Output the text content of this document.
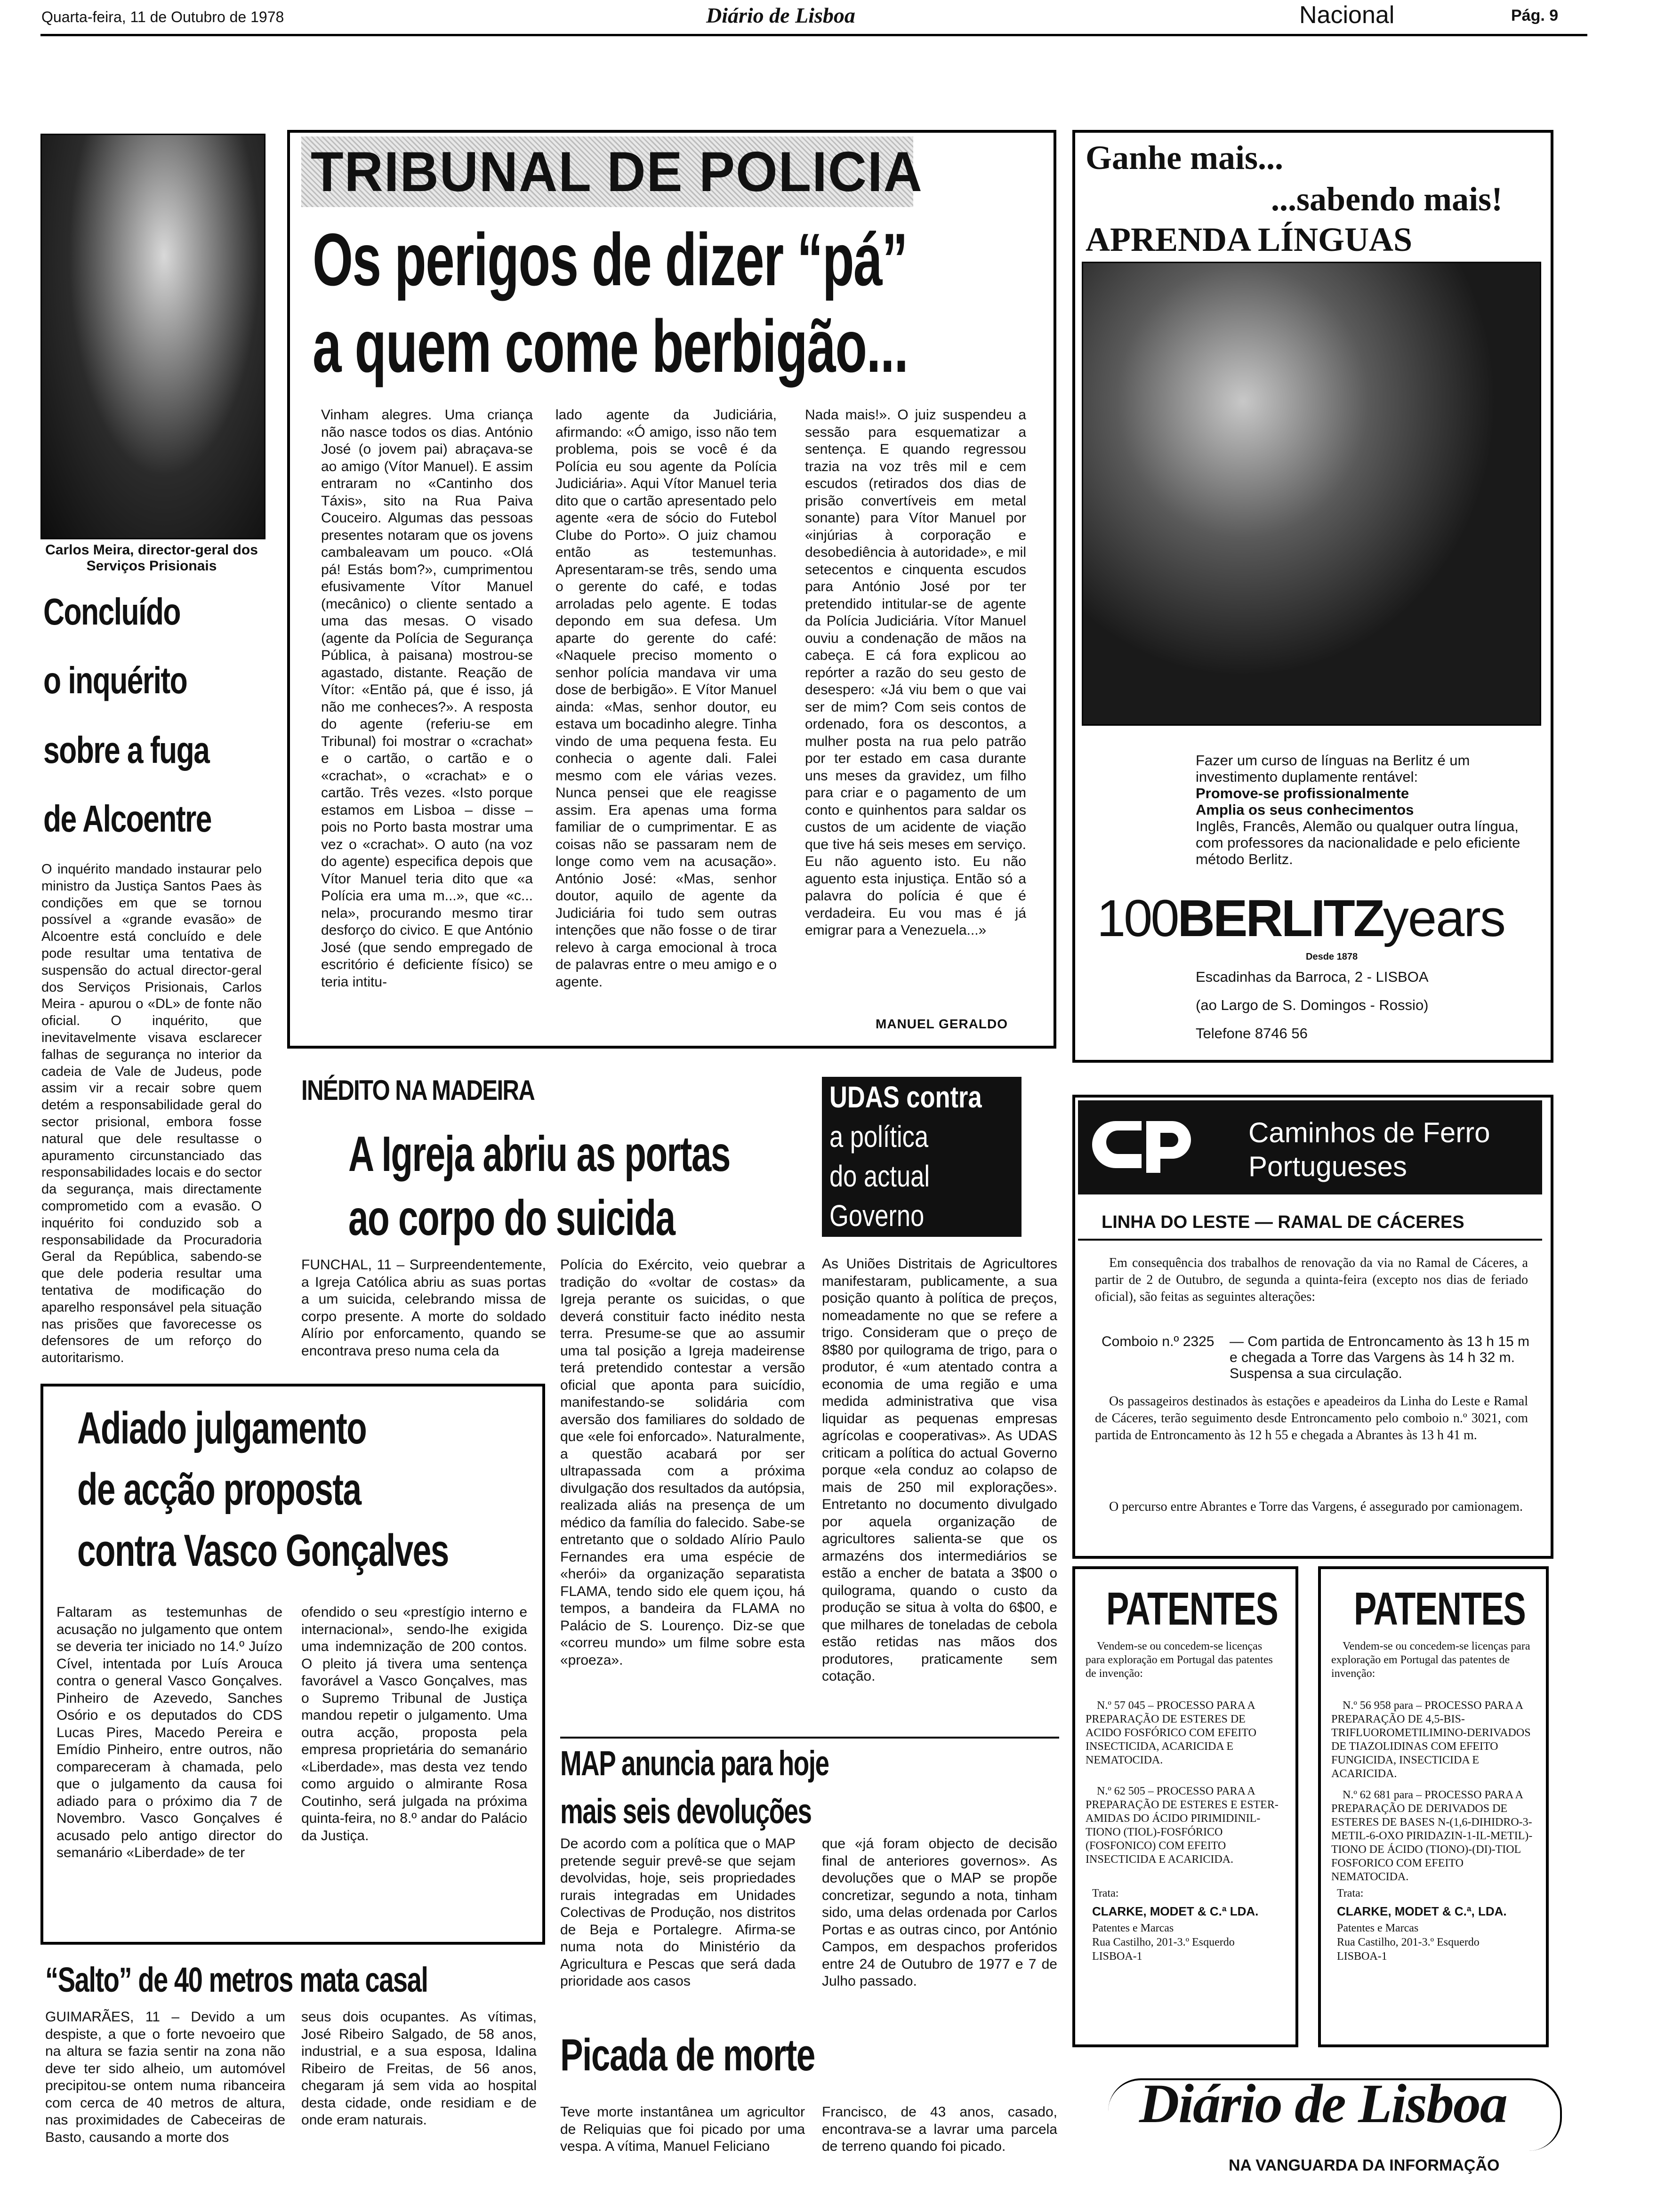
Quarta-feira, 11 de Outubro de 1978	Diário de Lisboa	Nacional	Pág. 9
Carlos Meira, director-geral dos Serviços Prisionais
Concluído
o inquérito
sobre a fuga
de Alcoentre
O inquérito mandado instaurar pelo ministro da Justiça Santos Paes às condições em que se tornou possível a «grande evasão» de Alcoentre está concluído e dele pode resultar uma tentativa de suspensão do actual director-geral dos Serviços Prisionais, Carlos Meira - apurou o «DL» de fonte não oficial. O inquérito, que inevitavelmente visava esclarecer falhas de segurança no interior da cadeia de Vale de Judeus, pode assim vir a recair sobre quem detém a responsabilidade geral do sector prisional, embora fosse natural que dele resultasse o apuramento circunstanciado das responsabilidades locais e do sector da segurança, mais directamente comprometido com a evasão. O inquérito foi conduzido sob a responsabilidade da Procuradoria Geral da República, sabendo-se que dele poderia resultar uma tentativa de modificação do aparelho responsável pela situação nas prisões que favorecesse os defensores de um reforço do autoritarismo.
TRIBUNAL DE POLICIA
Os perigos de dizer “pá”
a quem come berbigão...
Vinham alegres. Uma criança não nasce todos os dias. António José (o jovem pai) abraçava-se ao amigo (Vítor Manuel). E assim entraram no «Cantinho dos Táxis», sito na Rua Paiva Couceiro. Algumas das pessoas presentes notaram que os jovens cambaleavam um pouco. «Olá pá! Estás bom?», cumprimentou efusivamente Vítor Manuel (mecânico) o cliente sentado a uma das mesas. O visado (agente da Polícia de Segurança Pública, à paisana) mostrou-se agastado, distante. Reação de Vítor: «Então pá, que é isso, já não me conheces?». A resposta do agente (referiu-se em Tribunal) foi mostrar o «crachat» e o cartão, o cartão e o «crachat», o «crachat» e o cartão. Três vezes. «Isto porque estamos em Lisboa – disse – pois no Porto basta mostrar uma vez o «crachat». O auto (na voz do agente) especifica depois que Vítor Manuel teria dito que «a Polícia era uma m...», que «c... nela», procurando mesmo tirar desforço do civico. E que António José (que sendo empregado de escritório é deficiente físico) se teria intitu-
lado agente da Judiciária, afirmando: «Ó amigo, isso não tem problema, pois se você é da Polícia eu sou agente da Polícia Judiciária». Aqui Vítor Manuel teria dito que o cartão apresentado pelo agente «era de sócio do Futebol Clube do Porto». O juiz chamou então as testemunhas. Apresentaram-se três, sendo uma o gerente do café, e todas arroladas pelo agente. E todas depondo em sua defesa. Um aparte do gerente do café: «Naquele preciso momento o senhor polícia mandava vir uma dose de berbigão». E Vítor Manuel ainda: «Mas, senhor doutor, eu estava um bocadinho alegre. Tinha vindo de uma pequena festa. Eu conhecia o agente dali. Falei mesmo com ele várias vezes. Nunca pensei que ele reagisse assim. Era apenas uma forma familiar de o cumprimentar. E as coisas não se passaram nem de longe como vem na acusação». António José: «Mas, senhor doutor, aquilo de agente da Judiciária foi tudo sem outras intenções que não fosse o de tirar relevo à carga emocional à troca de palavras entre o meu amigo e o agente.
Nada mais!». O juiz suspendeu a sessão para esquematizar a sentença. E quando regressou trazia na voz três mil e cem escudos (retirados dos dias de prisão convertíveis em metal sonante) para Vítor Manuel por «injúrias à corporação e desobediência à autoridade», e mil setecentos e cinquenta escudos para António José por ter pretendido intitular-se de agente da Polícia Judiciária. Vítor Manuel ouviu a condenação de mãos na cabeça. E cá fora explicou ao repórter a razão do seu gesto de desespero: «Já viu bem o que vai ser de mim? Com seis contos de ordenado, fora os descontos, a mulher posta na rua pelo patrão por ter estado em casa durante uns meses da gravidez, um filho para criar e o pagamento de um conto e quinhentos para saldar os custos de um acidente de viação que tive há seis meses em serviço. Eu não aguento isto. Eu não aguento esta injustiça. Então só a palavra do polícia é que é verdadeira. Eu vou mas é já emigrar para a Venezuela...»
MANUEL GERALDO
Ganhe mais...
...sabendo mais!
APRENDA LÍNGUAS
Fazer um curso de línguas na Berlitz é um investimento duplamente rentável:
Promove-se profissionalmente
Amplia os seus conhecimentos
Inglês, Francês, Alemão ou qualquer outra língua, com professores da nacionalidade e pelo eficiente método Berlitz.
100BERLITZyears
Desde 1878
Escadinhas da Barroca, 2 - LISBOA
(ao Largo de S. Domingos - Rossio)
Telefone 8746 56
INÉDITO NA MADEIRA
A Igreja abriu as portas
ao corpo do suicida
FUNCHAL, 11 – Surpreendentemente, a Igreja Católica abriu as suas portas a um suicida, celebrando missa de corpo presente. A morte do soldado Alírio por enforcamento, quando se encontrava preso numa cela da
Polícia do Exército, veio quebrar a tradição do «voltar de costas» da Igreja perante os suicidas, o que deverá constituir facto inédito nesta terra. Presume-se que ao assumir uma tal posição a Igreja madeirense terá pretendido contestar a versão oficial que aponta para suicídio, manifestando-se solidária com aversão dos familiares do soldado de que «ele foi enforcado». Naturalmente, a questão acabará por ser ultrapassada com a próxima divulgação dos resultados da autópsia, realizada aliás na presença de um médico da família do falecido. Sabe-se entretanto que o soldado Alírio Paulo Fernandes era uma espécie de «herói» da organização separatista FLAMA, tendo sido ele quem içou, há tempos, a bandeira da FLAMA no Palácio de S. Lourenço. Diz-se que «correu mundo» um filme sobre esta «proeza».
UDAS contra
a política
do actual
Governo
As Uniões Distritais de Agricultores manifestaram, publicamente, a sua posição quanto à política de preços, nomeadamente no que se refere a trigo. Consideram que o preço de 8$80 por quilograma de trigo, para o produtor, é «um atentado contra a economia de uma região e uma medida administrativa que visa liquidar as pequenas empresas agrícolas e cooperativas». As UDAS criticam a política do actual Governo porque «ela conduz ao colapso de mais de 250 mil explorações». Entretanto no documento divulgado por aquela organização de agricultores salienta-se que os armazéns dos intermediários se estão a encher de batata a 3$00 o quilograma, quando o custo da produção se situa à volta do 6$00, e que milhares de toneladas de cebola estão retidas nas mãos dos produtores, praticamente sem cotação.
Adiado julgamento
de acção proposta
contra Vasco Gonçalves
Faltaram as testemunhas de acusação no julgamento que ontem se deveria ter iniciado no 14.º Juízo Cível, intentada por Luís Arouca contra o general Vasco Gonçalves. Pinheiro de Azevedo, Sanches Osório e os deputados do CDS Lucas Pires, Macedo Pereira e Emídio Pinheiro, entre outros, não compareceram à chamada, pelo que o julgamento da causa foi adiado para o próximo dia 7 de Novembro. Vasco Gonçalves é acusado pelo antigo director do semanário «Liberdade» de ter
ofendido o seu «prestígio interno e internacional», sendo-lhe exigida uma indemnização de 200 contos. O pleito já tivera uma sentença favorável a Vasco Gonçalves, mas o Supremo Tribunal de Justiça mandou repetir o julgamento. Uma outra acção, proposta pela empresa proprietária do semanário «Liberdade», mas desta vez tendo como arguido o almirante Rosa Coutinho, será julgada na próxima quinta-feira, no 8.º andar do Palácio da Justiça.
MAP anuncia para hoje
mais seis devoluções
De acordo com a política que o MAP pretende seguir prevê-se que sejam devolvidas, hoje, seis propriedades rurais integradas em Unidades Colectivas de Produção, nos distritos de Beja e Portalegre. Afirma-se numa nota do Ministério da Agricultura e Pescas que será dada prioridade aos casos
que «já foram objecto de decisão final de anteriores governos». As devoluções que o MAP se propõe concretizar, segundo a nota, tinham sido, uma delas ordenada por Carlos Portas e as outras cinco, por António Campos, em despachos proferidos entre 24 de Outubro de 1977 e 7 de Julho passado.
“Salto” de 40 metros mata casal
GUIMARÃES, 11 – Devido a um despiste, a que o forte nevoeiro que na altura se fazia sentir na zona não deve ter sido alheio, um automóvel precipitou-se ontem numa ribanceira com cerca de 40 metros de altura, nas proximidades de Cabeceiras de Basto, causando a morte dos
seus dois ocupantes. As vítimas, José Ribeiro Salgado, de 58 anos, industrial, e a sua esposa, Idalina Ribeiro de Freitas, de 56 anos, chegaram já sem vida ao hospital desta cidade, onde residiam e de onde eram naturais.
Picada de morte
Teve morte instantânea um agricultor de Reliquias que foi picado por uma vespa. A vítima, Manuel Feliciano
Francisco, de 43 anos, casado, encontrava-se a lavrar uma parcela de terreno quando foi picado.
Caminhos de Ferro
Portugueses
LINHA DO LESTE — RAMAL DE CÁCERES
Em consequência dos trabalhos de renovação da via no Ramal de Cáceres, a partir de 2 de Outubro, de segunda a quinta-feira (excepto nos dias de feriado oficial), são feitas as seguintes alterações:
Comboio n.º 2325 — Com partida de Entroncamento às 13 h 15 m e chegada a Torre das Vargens às 14 h 32 m. Suspensa a sua circulação.
Os passageiros destinados às estações e apeadeiros da Linha do Leste e Ramal de Cáceres, terão seguimento desde Entroncamento pelo comboio n.º 3021, com partida de Entroncamento às 12 h 55 e chegada a Abrantes às 13 h 41 m.
O percurso entre Abrantes e Torre das Vargens, é assegurado por camionagem.
PATENTES
Vendem-se ou concedem-se licenças para exploração em Portugal das patentes de invenção:
N.º 57 045 – PROCESSO PARA A PREPARAÇÃO DE ESTERES DE ACIDO FOSFÓRICO COM EFEITO INSECTICIDA, ACARICIDA E NEMATOCIDA.
N.º 62 505 – PROCESSO PARA A PREPARAÇÃO DE ESTERES E ESTER-AMIDAS DO ÁCIDO PIRIMIDINIL-TIONO (TIOL)-FOSFÓRICO (FOSFONICO) COM EFEITO INSECTICIDA E ACARICIDA.
Trata:
CLARKE, MODET & C.ª LDA.
Patentes e Marcas
Rua Castilho, 201-3.º Esquerdo
LISBOA-1
PATENTES
Vendem-se ou concedem-se licenças para exploração em Portugal das patentes de invenção:
N.º 56 958 para – PROCESSO PARA A PREPARAÇÃO DE 4,5-BIS-TRIFLUOROMETILIMINO-DERIVADOS DE TIAZOLIDINAS COM EFEITO FUNGICIDA, INSECTICIDA E ACARICIDA.
N.º 62 681 para – PROCESSO PARA A PREPARAÇÃO DE DERIVADOS DE ESTERES DE BASES N-(1,6-DIHIDRO-3-METIL-6-OXO PIRIDAZIN-1-IL-METIL)-TIONO DE ÁCIDO (TIONO)-(DI)-TIOL FOSFORICO COM EFEITO NEMATOCIDA.
Trata:
CLARKE, MODET & C.ª, LDA.
Patentes e Marcas
Rua Castilho, 201-3.º Esquerdo
LISBOA-1
Diário de Lisboa
NA VANGUARDA DA INFORMAÇÃO
